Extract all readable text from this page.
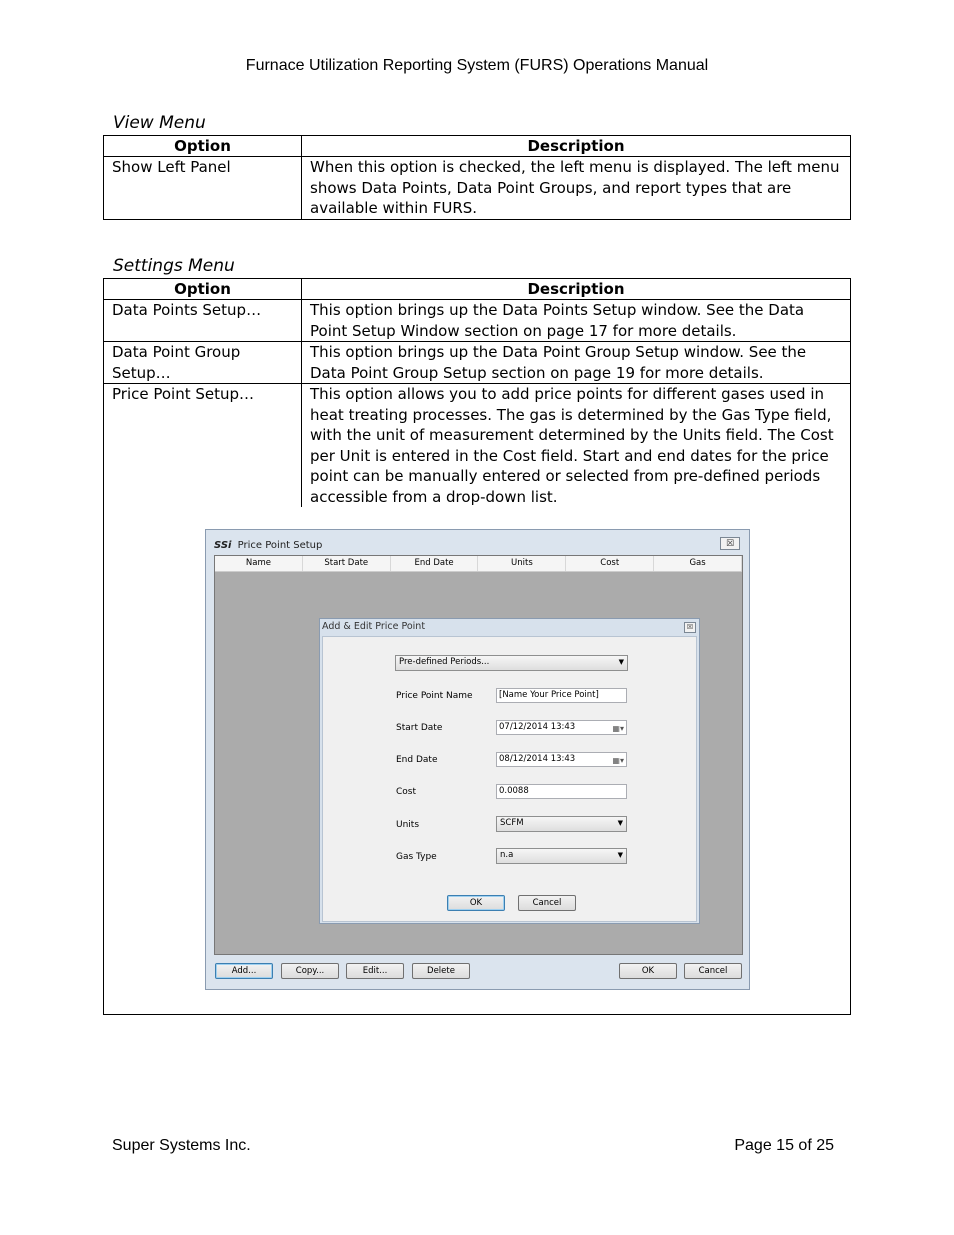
Furnace Utilization Reporting System (FURS) Operations Manual
View Menu
Option	Description
Show Left Panel	When this option is checked, the left menu is displayed. The left menu shows Data Points, Data Point Groups, and report types that are available within FURS.
Settings Menu
Option	Description
Data Points Setup…	This option brings up the Data Points Setup window. See the Data Point Setup Window section on page 17 for more details.
Data Point Group Setup…	This option brings up the Data Point Group Setup window. See the Data Point Group Setup section on page 19 for more details.

Price Point Setup… This option allows you to add price points for different gases used in heat treating processes. The gas is determined by the Gas Type field, with the unit of measurement determined by the Units field. The Cost per Unit is entered in the Cost field. Start and end dates for the price point can be manually entered or selected from pre-defined periods accessible from a drop-down list.	
SSi Price Point Setup	☒
Name	Start Date	End Date	Units	Cost	Gas
Add & Edit Price Point	☒
Pre-defined Periods...	▼
Price Point Name	[Name Your Price Point]
Start Date	07/12/2014 13:43	▦▾
End Date	08/12/2014 13:43	▦▾
Cost	0.0088
Units	SCFM	▼
Gas Type	n.a	▼
OK	Cancel
Add...	Copy...	Edit...	Delete	OK	Cancel
Super Systems Inc.	Page 15 of 25
